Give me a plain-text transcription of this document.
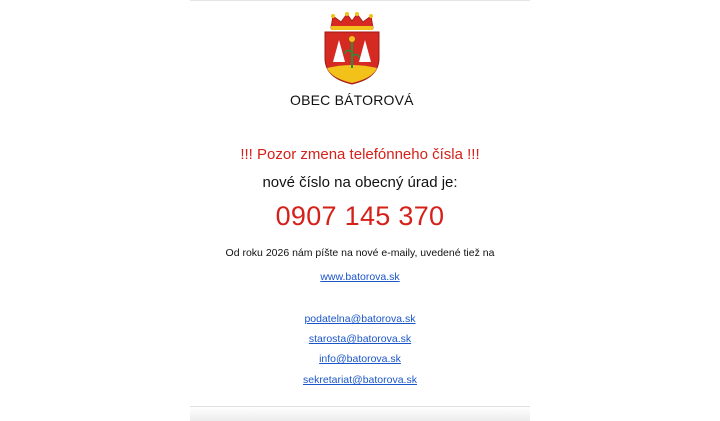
OBEC BÁTOROVÁ
!!! Pozor zmena telefónneho čísla !!!
nové číslo na obecný úrad je:
0907 145 370
Od roku 2026 nám píšte na nové e-maily, uvedené tiež na
www.batorova.sk
podatelna@batorova.sk
starosta@batorova.sk
info@batorova.sk
sekretariat@batorova.sk
